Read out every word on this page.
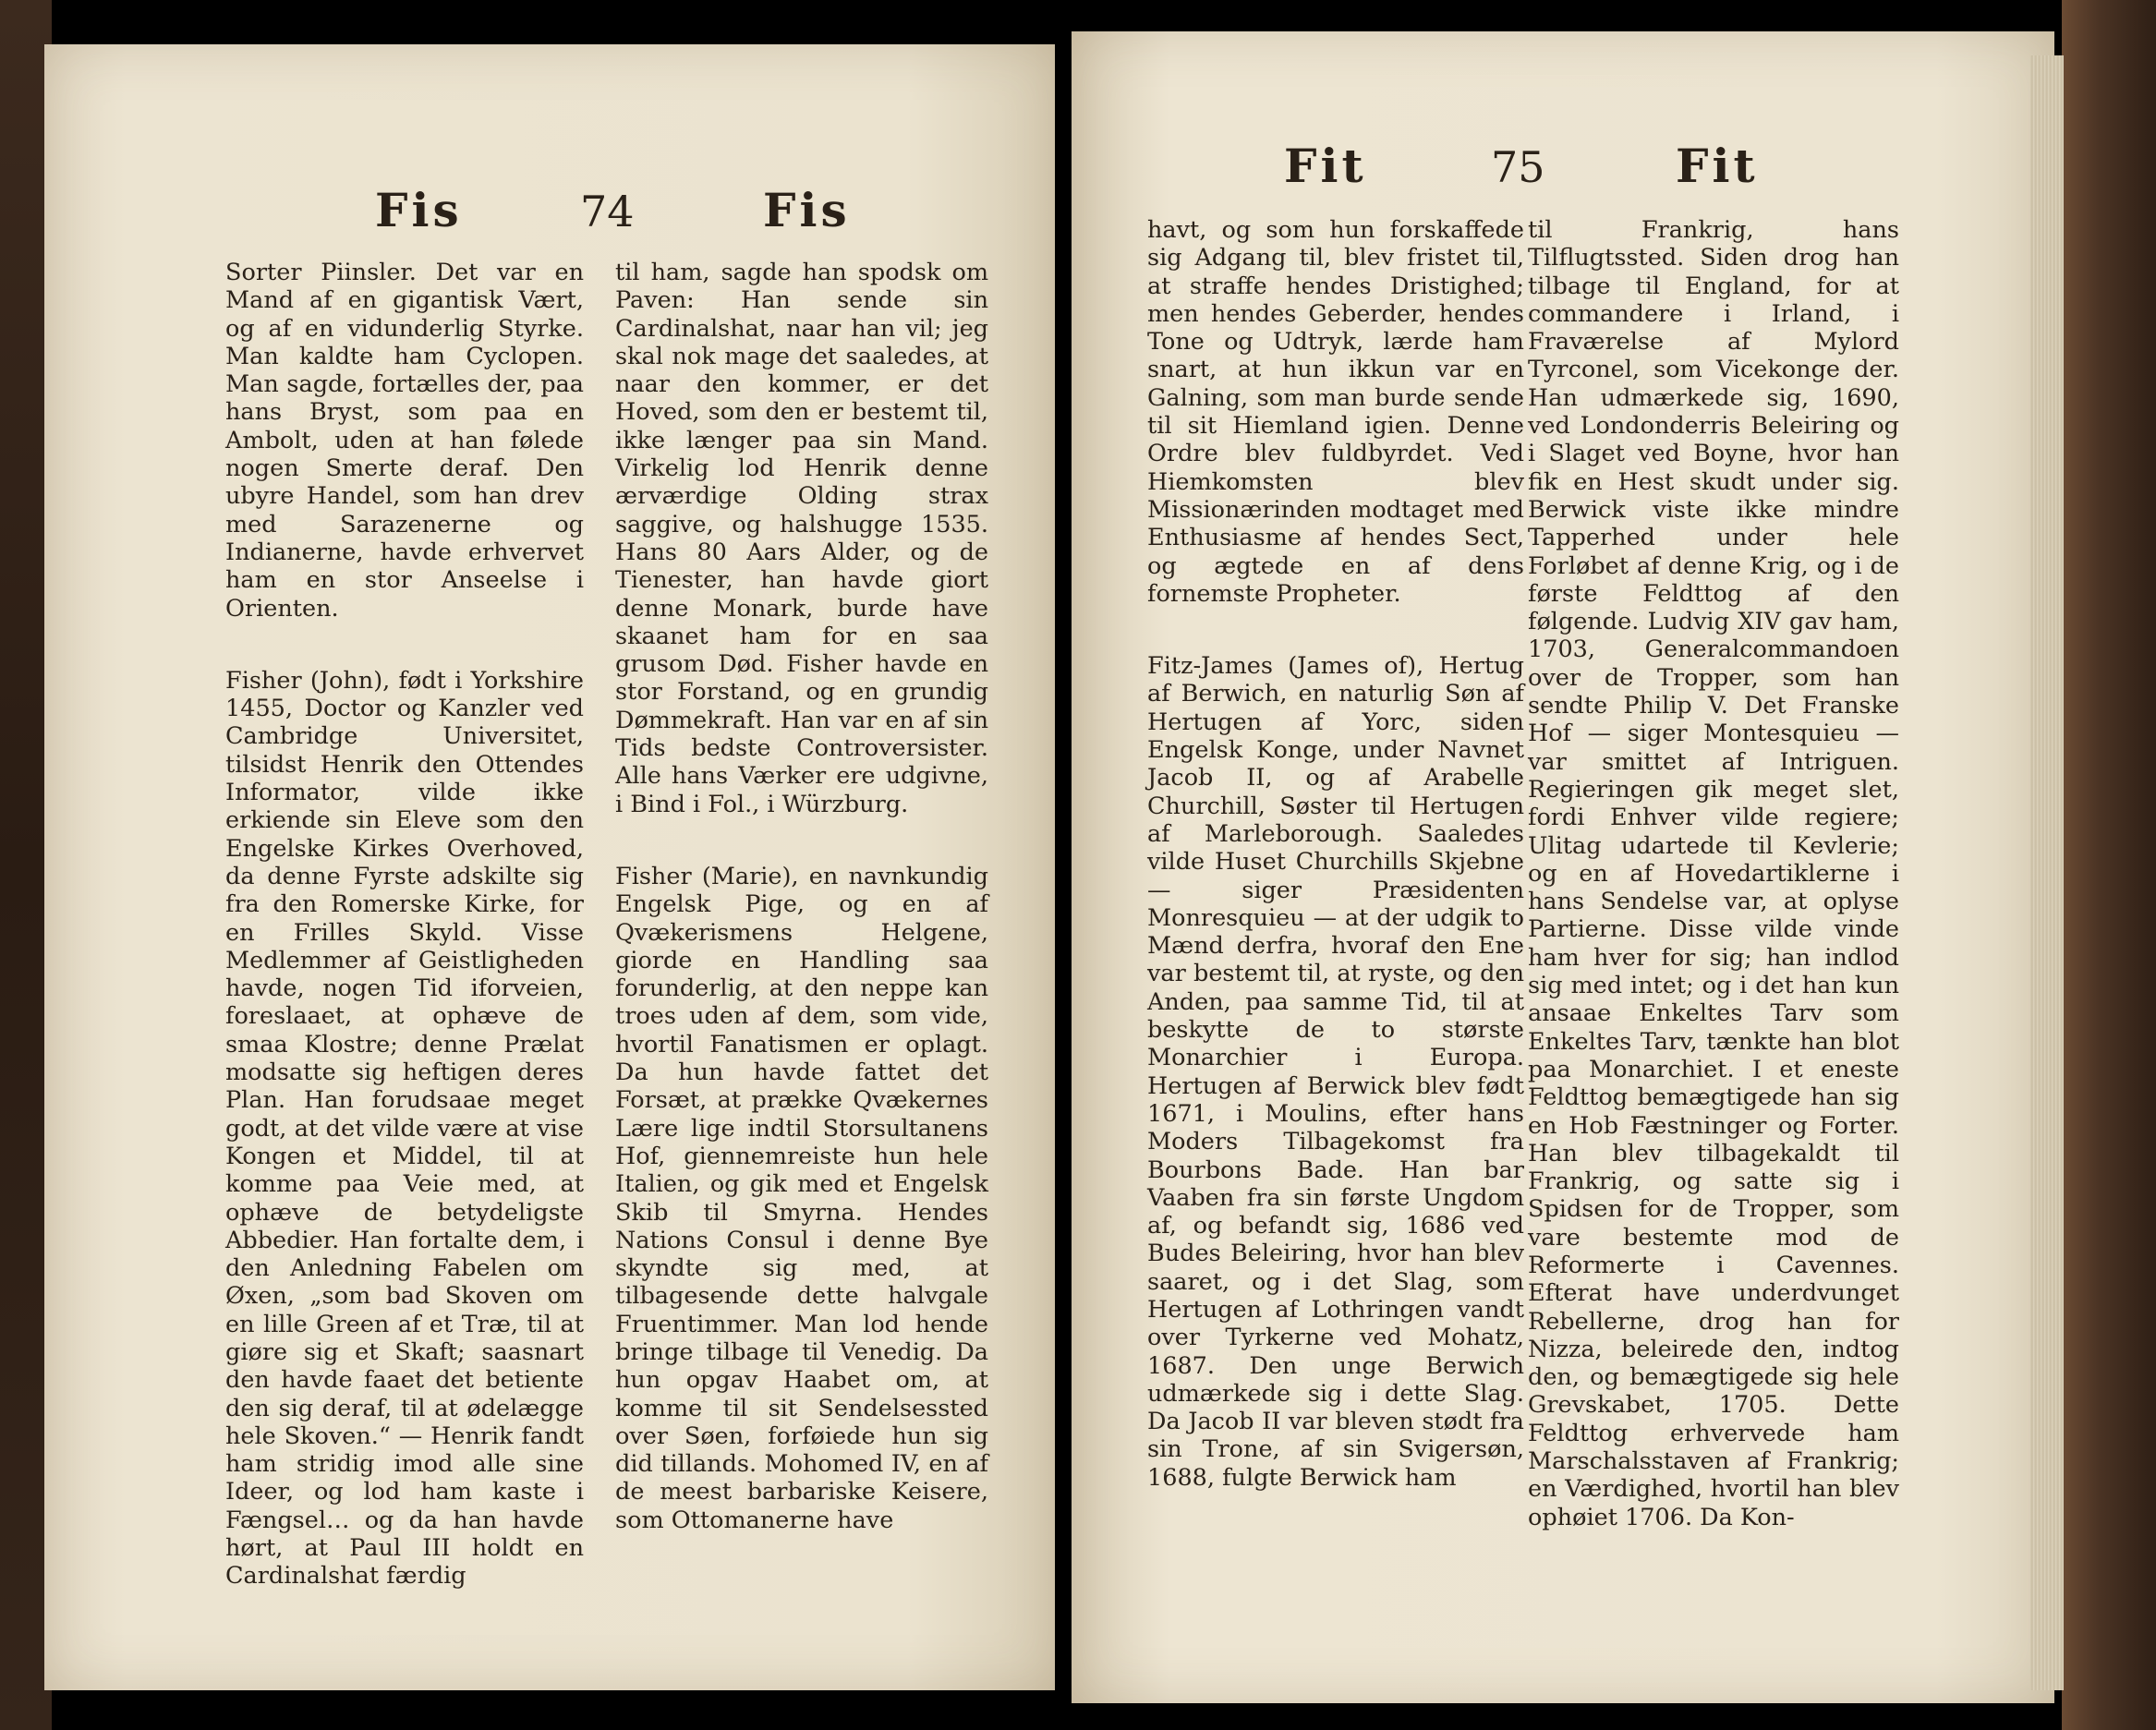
Fis	74	Fis

Sorter Piinsler. Det var en Mand af en gigantisk Vært, og af en vidunderlig Styrke. Man kaldte ham Cyclopen. Man sagde, fortælles der, paa hans Bryst, som paa en Ambolt, uden at han følede nogen Smerte deraf. Den ubyre Handel, som han drev med Sarazenerne og Indianerne, havde erhvervet ham en stor Anseelse i Orienten.

Fisher (John), født i Yorkshire 1455, Doctor og Kanzler ved Cambridge Universitet, tilsidst Henrik den Ottendes Informator, vilde ikke erkiende sin Eleve som den Engelske Kirkes Overhoved, da denne Fyrste adskilte sig fra den Romerske Kirke, for en Frilles Skyld. Visse Medlemmer af Geistligheden havde, nogen Tid iforveien, foreslaaet, at ophæve de smaa Klostre; denne Prælat modsatte sig heftigen deres Plan. Han forudsaae meget godt, at det vilde være at vise Kongen et Middel, til at komme paa Veie med, at ophæve de betydeligste Abbedier. Han fortalte dem, i den Anledning Fabelen om Øxen, „som bad Skoven om en lille Green af et Træ, til at giøre sig et Skaft; saasnart den havde faaet det betiente den sig deraf, til at ødelægge hele Skoven.“ — Henrik fandt ham stridig imod alle sine Ideer, og lod ham kaste i Fængsel… og da han havde hørt, at Paul III holdt en Cardinalshat færdig

til ham, sagde han spodsk om Paven: Han sende sin Cardinalshat, naar han vil; jeg skal nok mage det saaledes, at naar den kommer, er det Hoved, som den er bestemt til, ikke længer paa sin Mand. Virkelig lod Henrik denne ærværdige Olding strax saggive, og halshugge 1535. Hans 80 Aars Alder, og de Tienester, han havde giort denne Monark, burde have skaanet ham for en saa grusom Død. Fisher havde en stor Forstand, og en grundig Dømmekraft. Han var en af sin Tids bedste Controversister. Alle hans Værker ere udgivne, i Bind i Fol., i Würzburg.

Fisher (Marie), en navnkundig Engelsk Pige, og en af Qvækerismens Helgene, giorde en Handling saa forunderlig, at den neppe kan troes uden af dem, som vide, hvortil Fanatismen er oplagt. Da hun havde fattet det Forsæt, at prække Qvækernes Lære lige indtil Storsultanens Hof, giennemreiste hun hele Italien, og gik med et Engelsk Skib til Smyrna. Hendes Nations Consul i denne Bye skyndte sig med, at tilbagesende dette halvgale Fruentimmer. Man lod hende bringe tilbage til Venedig. Da hun opgav Haabet om, at komme til sit Sendelsessted over Søen, forføiede hun sig did tillands. Mohomed IV, en af de meest barbariske Keisere, som Ottomanerne have

Fit	75	Fit

havt, og som hun forskaffede sig Adgang til, blev fristet til, at straffe hendes Dristighed; men hendes Geberder, hendes Tone og Udtryk, lærde ham snart, at hun ikkun var en Galning, som man burde sende til sit Hiemland igien. Denne Ordre blev fuldbyrdet. Ved Hiemkomsten blev Missionærinden modtaget med Enthusiasme af hendes Sect, og ægtede en af dens fornemste Propheter.

Fitz-James (James of), Hertug af Berwich, en naturlig Søn af Hertugen af Yorc, siden Engelsk Konge, under Navnet Jacob II, og af Arabelle Churchill, Søster til Hertugen af Marleborough. Saaledes vilde Huset Churchills Skjebne — siger Præsidenten Monresquieu — at der udgik to Mænd derfra, hvoraf den Ene var bestemt til, at ryste, og den Anden, paa samme Tid, til at beskytte de to største Monarchier i Europa. Hertugen af Berwick blev født 1671, i Moulins, efter hans Moders Tilbagekomst fra Bourbons Bade. Han bar Vaaben fra sin første Ungdom af, og befandt sig, 1686 ved Budes Beleiring, hvor han blev saaret, og i det Slag, som Hertugen af Lothringen vandt over Tyrkerne ved Mohatz, 1687. Den unge Berwich udmærkede sig i dette Slag. Da Jacob II var bleven stødt fra sin Trone, af sin Svigersøn, 1688, fulgte Berwick ham

til Frankrig, hans Tilflugtssted. Siden drog han tilbage til England, for at commandere i Irland, i Fraværelse af Mylord Tyrconel, som Vicekonge der. Han udmærkede sig, 1690, ved Londonderris Beleiring og i Slaget ved Boyne, hvor han fik en Hest skudt under sig. Berwick viste ikke mindre Tapperhed under hele Forløbet af denne Krig, og i de første Feldttog af den følgende. Ludvig XIV gav ham, 1703, Generalcommandoen over de Tropper, som han sendte Philip V. Det Franske Hof — siger Montesquieu — var smittet af Intriguen. Regieringen gik meget slet, fordi Enhver vilde regiere; Ulitag udartede til Kevlerie; og en af Hovedartiklerne i hans Sendelse var, at oplyse Partierne. Disse vilde vinde ham hver for sig; han indlod sig med intet; og i det han kun ansaae Enkeltes Tarv som Enkeltes Tarv, tænkte han blot paa Monarchiet. I et eneste Feldttog bemægtigede han sig en Hob Fæstninger og Forter. Han blev tilbagekaldt til Frankrig, og satte sig i Spidsen for de Tropper, som vare bestemte mod de Reformerte i Cavennes. Efterat have underdvunget Rebellerne, drog han for Nizza, beleirede den, indtog den, og bemægtigede sig hele Grevskabet, 1705. Dette Feldttog erhvervede ham Marschalsstaven af Frankrig; en Værdighed, hvortil han blev ophøiet 1706. Da Kon-
